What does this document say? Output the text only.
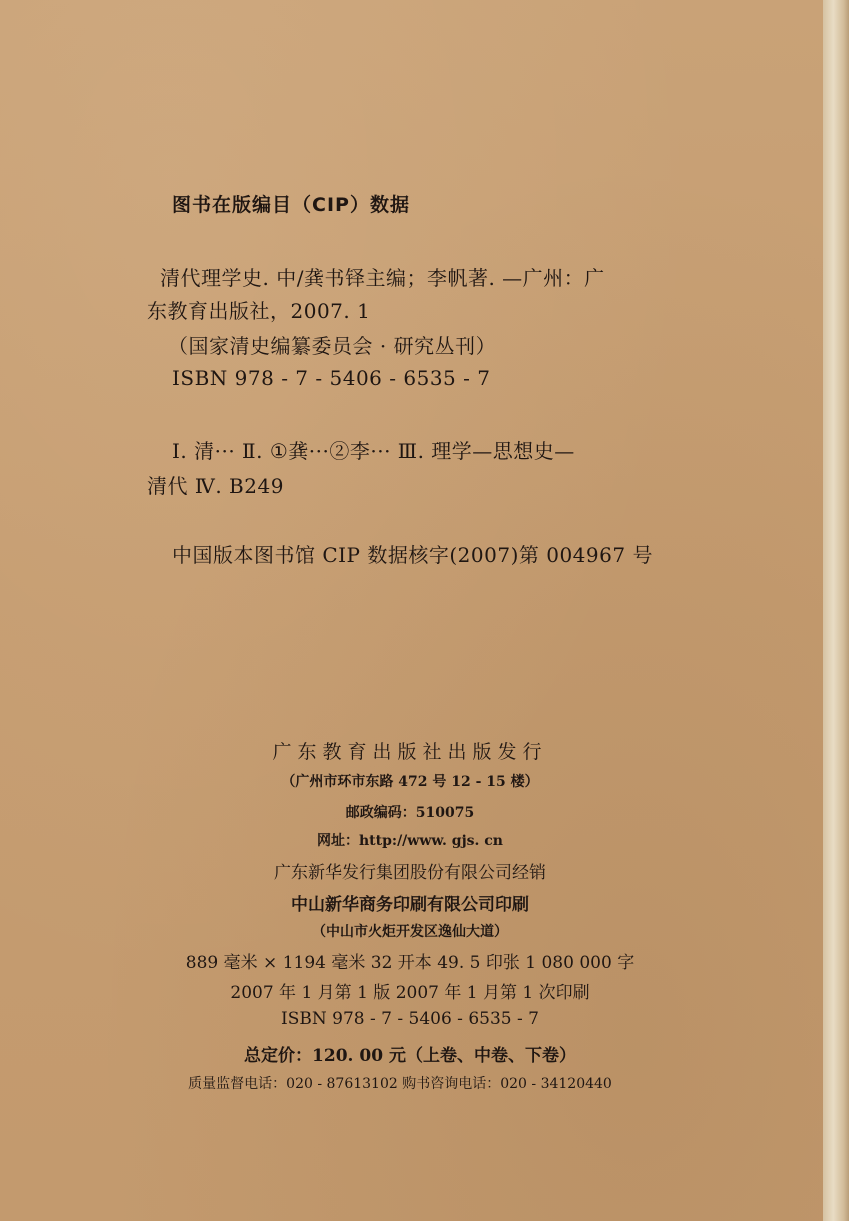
图书在版编目（CIP）数据
清代理学史. 中/龚书铎主编；李帆著. —广州：广
东教育出版社，2007. 1
（国家清史编纂委员会 · 研究丛刊）
ISBN 978 - 7 - 5406 - 6535 - 7
Ⅰ. 清··· Ⅱ. ①龚···②李··· Ⅲ. 理学—思想史—
清代 Ⅳ. B249
中国版本图书馆 CIP 数据核字(2007)第 004967 号
广东教育出版社出版发行
（广州市环市东路 472 号 12 - 15 楼）
邮政编码：510075
网址：http://www. gjs. cn
广东新华发行集团股份有限公司经销
中山新华商务印刷有限公司印刷
（中山市火炬开发区逸仙大道）
889 毫米 × 1194 毫米 32 开本 49. 5 印张 1 080 000 字
2007 年 1 月第 1 版 2007 年 1 月第 1 次印刷
ISBN 978 - 7 - 5406 - 6535 - 7
总定价：120. 00 元（上卷、中卷、下卷）
质量监督电话：020 - 87613102 购书咨询电话：020 - 34120440
